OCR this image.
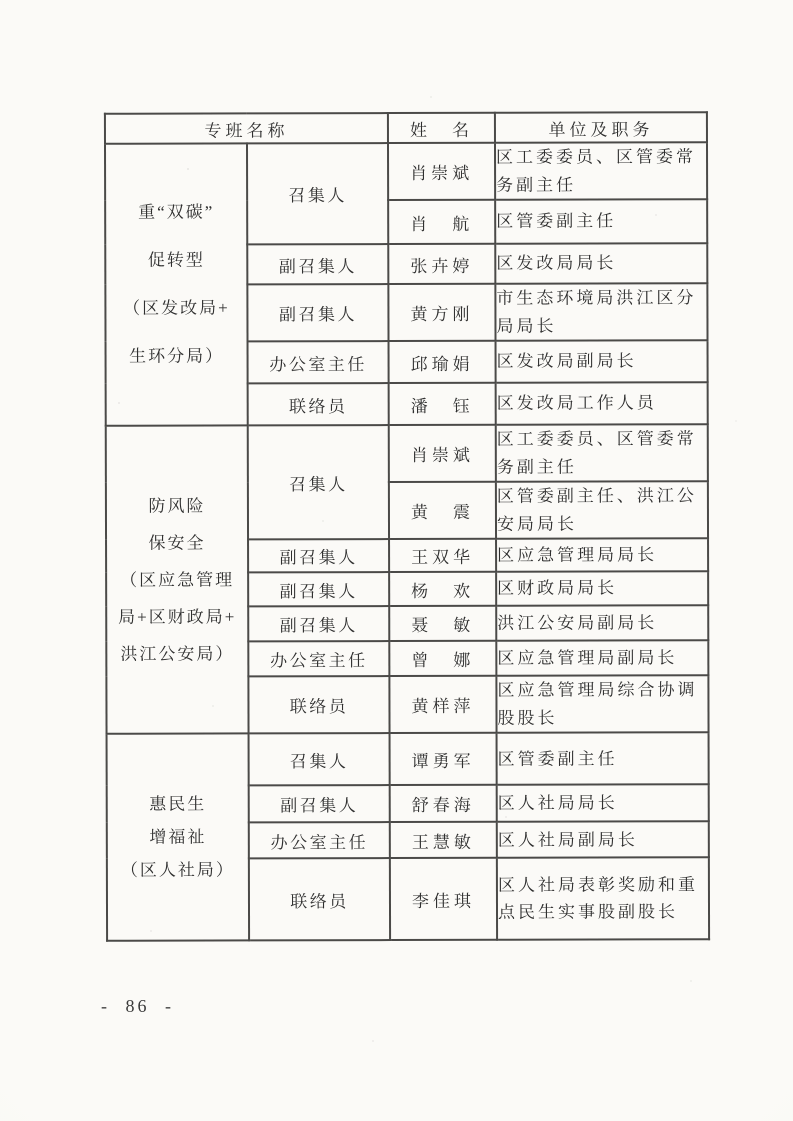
专班名称		姓　名	单位及职务
重“双碳”
促转型
（区发改局+
生环分局）	召集人	肖崇斌	区工委委员、区管委常务副主任
		肖　航	区管委副主任
	副召集人	张卉婷	区发改局局长
	副召集人	黄方刚	市生态环境局洪江区分局局长
	办公室主任	邱瑜娟	区发改局副局长
	联络员	潘　钰	区发改局工作人员
防风险
保安全
（区应急管理
局+区财政局+
洪江公安局）	召集人	肖崇斌	区工委委员、区管委常务副主任
		黄　震	区管委副主任、洪江公安局局长
	副召集人	王双华	区应急管理局局长
	副召集人	杨　欢	区财政局局长
	副召集人	聂　敏	洪江公安局副局长
	办公室主任	曾　娜	区应急管理局副局长
	联络员	黄样萍	区应急管理局综合协调股股长
惠民生
增福祉
（区人社局）	召集人	谭勇军	区管委副主任
	副召集人	舒春海	区人社局局长
	办公室主任	王慧敏	区人社局副局长
	联络员	李佳琪	区人社局表彰奖励和重点民生实事股副股长
- 86 -
